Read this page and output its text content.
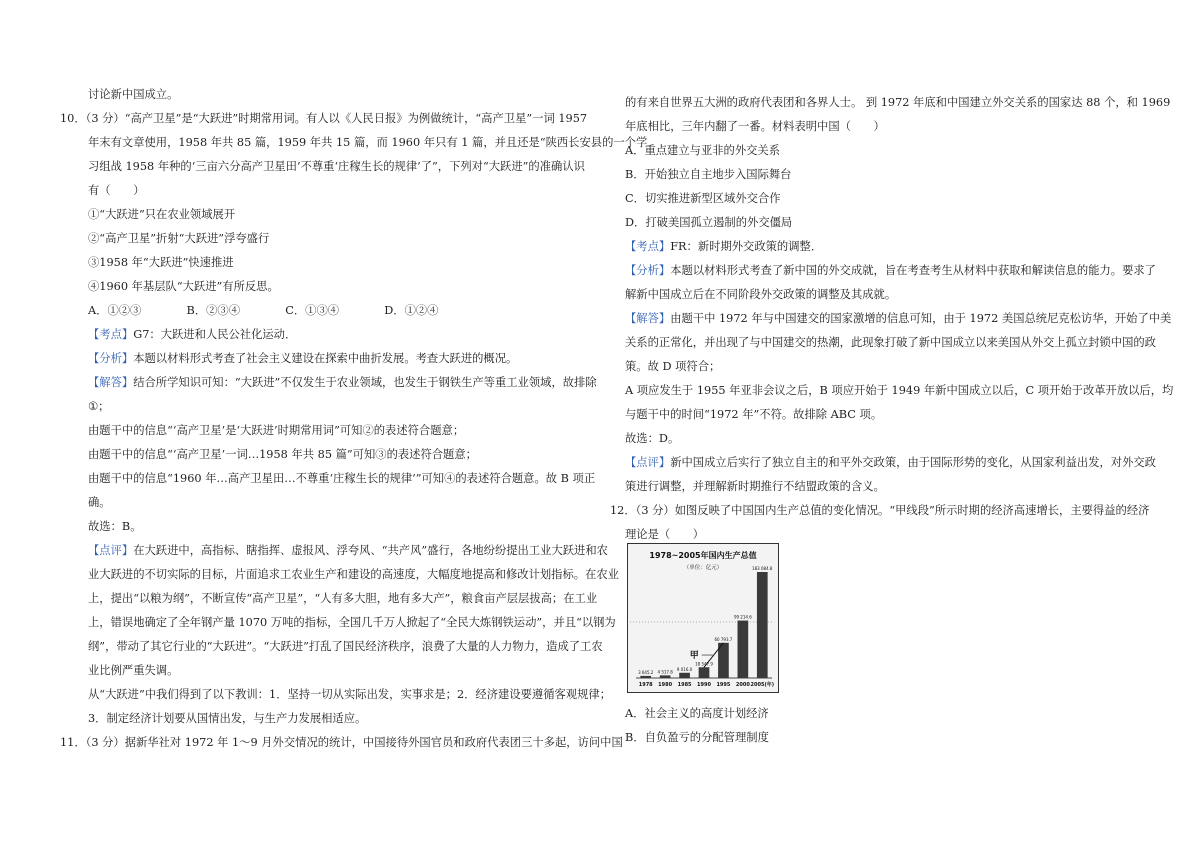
讨论新中国成立。
10．（3 分）“高产卫星”是“大跃进”时期常用词。有人以《人民日报》为例做统计，“高产卫星”一词 1957
年末有文章使用，1958 年共 85 篇，1959 年共 15 篇，而 1960 年只有 1 篇，并且还是“陕西长安县的一个学
习组战 1958 年种的‘三亩六分高产卫星田’不尊重‘庄稼生长的规律’了”，下列对“大跃进”的准确认识
有（　　）
①“大跃进”只在农业领域展开
②“高产卫星”折射“大跃进”浮夸盛行
③1958 年“大跃进”快速推进
④1960 年基层队“大跃进”有所反思。
A．①②③　　　　B．②③④　　　　C．①③④　　　　D．①②④
【考点】G7：大跃进和人民公社化运动．
【分析】本题以材料形式考查了社会主义建设在探索中曲折发展。考查大跃进的概况。
【解答】结合所学知识可知：“大跃进”不仅发生于农业领域，也发生于钢铁生产等重工业领域，故排除
①；
由题干中的信息“‘高产卫星’是‘大跃进’时期常用词”可知②的表述符合题意；
由题干中的信息“‘高产卫星’一词…1958 年共 85 篇”可知③的表述符合题意；
由题干中的信息“1960 年…高产卫星田…不尊重‘庄稼生长的规律’”可知④的表述符合题意。故 B 项正
确。
故选：B。
【点评】在大跃进中，高指标、瞎指挥、虚报风、浮夸风、“共产风”盛行，各地纷纷提出工业大跃进和农
业大跃进的不切实际的目标，片面追求工农业生产和建设的高速度，大幅度地提高和修改计划指标。在农业
上，提出“以粮为纲”，不断宣传“高产卫星”，“人有多大胆，地有多大产”，粮食亩产层层拔高；在工业
上，错误地确定了全年钢产量 1070 万吨的指标，全国几千万人掀起了“全民大炼钢铁运动”，并且“以钢为
纲”，带动了其它行业的“大跃进”。“大跃进”打乱了国民经济秩序，浪费了大量的人力物力，造成了工农
业比例严重失调。
从“大跃进”中我们得到了以下教训：1．坚持一切从实际出发，实事求是；2．经济建设要遵循客观规律；
3．制定经济计划要从国情出发，与生产力发展相适应。
11．（3 分）据新华社对 1972 年 1～9 月外交情况的统计，中国接待外国官员和政府代表团三十多起，访问中国
的有来自世界五大洲的政府代表团和各界人士。 到 1972 年底和中国建立外交关系的国家达 88 个，和 1969
年底相比，三年内翻了一番。材料表明中国（　　）
A．重点建立与亚非的外交关系
B．开始独立自主地步入国际舞台
C．切实推进新型区域外交合作
D．打破美国孤立遏制的外交僵局
【考点】FR：新时期外交政策的调整．
【分析】本题以材料形式考查了新中国的外交成就，旨在考查考生从材料中获取和解读信息的能力。要求了
解新中国成立后在不同阶段外交政策的调整及其成就。
【解答】由题干中 1972 年与中国建交的国家激增的信息可知，由于 1972 美国总统尼克松访华，开始了中美
关系的正常化，并出现了与中国建交的热潮，此现象打破了新中国成立以来美国从外交上孤立封锁中国的政
策。故 D 项符合；
A 项应发生于 1955 年亚非会议之后，B 项应开始于 1949 年新中国成立以后，C 项开始于改革开放以后，均
与题干中的时间“1972 年”不符。故排除 ABC 项。
故选：D。
【点评】新中国成立后实行了独立自主的和平外交政策，由于国际形势的变化，从国家利益出发，对外交政
策进行调整，并理解新时期推行不结盟政策的含义。
12．（3 分）如图反映了中国国内生产总值的变化情况。“甲线段”所示时期的经济高速增长，主要得益的经济
理论是（　　）
A．社会主义的高度计划经济
B．自负盈亏的分配管理制度
1978~2005年国内生产总值
（单位：亿元）
3 645.2
1978
4 517.8
1980
9 016.0
1985
18 547.9
1990
60 793.7
1995
99 214.6
2000
183 084.8
2005(年)
甲
